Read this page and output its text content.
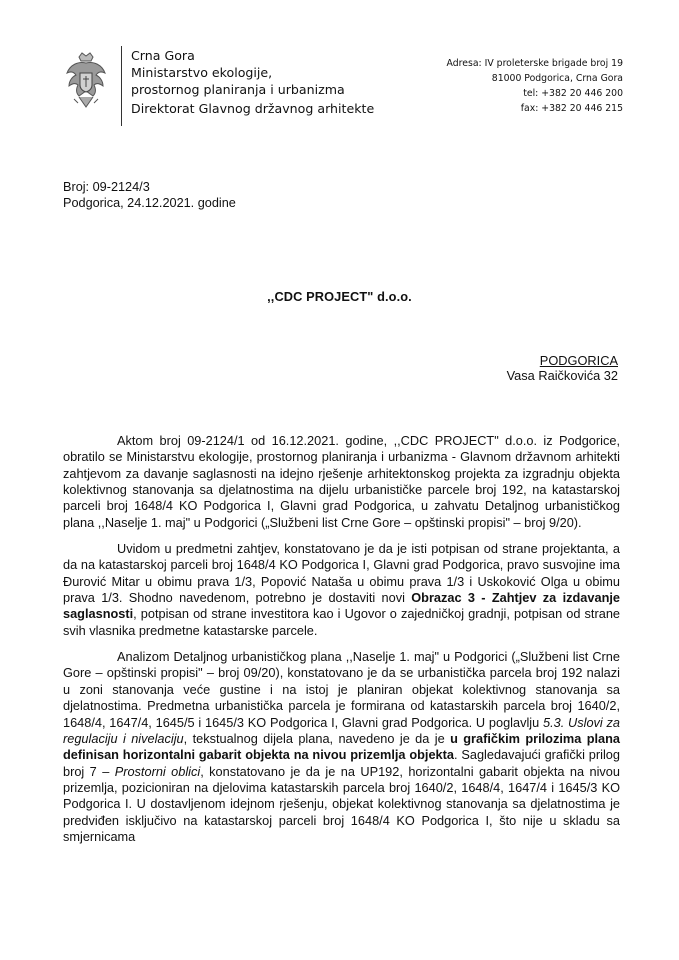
Crna Gora
Ministarstvo ekologije,
prostornog planiranja i urbanizma
Direktorat Glavnog državnog arhitekte
Adresa: IV proleterske brigade broj 19
81000 Podgorica, Crna Gora
tel: +382 20 446 200
fax: +382 20 446 215
Broj: 09-2124/3
Podgorica, 24.12.2021. godine
,,CDC PROJECT" d.o.o.
PODGORICA
Vasa Raičkovića 32

Aktom broj 09-2124/1 od 16.12.2021. godine, ,,CDC PROJECT" d.o.o. iz Podgorice, obratilo se Ministarstvu ekologije, prostornog planiranja i urbanizma - Glavnom državnom arhitekti zahtjevom za davanje saglasnosti na idejno rješenje arhitektonskog projekta za izgradnju objekta kolektivnog stanovanja sa djelatnostima na dijelu urbanističke parcele broj 192, na katastarskoj parceli broj 1648/4 KO Podgorica I, Glavni grad Podgorica, u zahvatu Detaljnog urbanističkog plana ,,Naselje 1. maj" u Podgorici („Službeni list Crne Gore – opštinski propisi" – broj 9/20).

Uvidom u predmetni zahtjev, konstatovano je da je isti potpisan od strane projektanta, a da na katastarskoj parceli broj 1648/4 KO Podgorica I, Glavni grad Podgorica, pravo susvojine ima Đurović Mitar u obimu prava 1/3, Popović Nataša u obimu prava 1/3 i Uskoković Olga u obimu prava 1/3. Shodno navedenom, potrebno je dostaviti novi Obrazac 3 - Zahtjev za izdavanje saglasnosti, potpisan od strane investitora kao i Ugovor o zajedničkoj gradnji, potpisan od strane svih vlasnika predmetne katastarske parcele.

Analizom Detaljnog urbanističkog plana ,,Naselje 1. maj" u Podgorici („Službeni list Crne Gore – opštinski propisi" – broj 09/20), konstatovano je da se urbanistička parcela broj 192 nalazi u zoni stanovanja veće gustine i na istoj je planiran objekat kolektivnog stanovanja sa djelatnostima. Predmetna urbanistička parcela je formirana od katastarskih parcela broj 1640/2, 1648/4, 1647/4, 1645/5 i 1645/3 KO Podgorica I, Glavni grad Podgorica. U poglavlju 5.3. Uslovi za regulaciju i nivelaciju, tekstualnog dijela plana, navedeno je da je u grafičkim prilozima plana definisan horizontalni gabarit objekta na nivou prizemlja objekta. Sagledavajući grafički prilog broj 7 – Prostorni oblici, konstatovano je da je na UP192, horizontalni gabarit objekta na nivou prizemlja, pozicioniran na djelovima katastarskih parcela broj 1640/2, 1648/4, 1647/4 i 1645/3 KO Podgorica I. U dostavljenom idejnom rješenju, objekat kolektivnog stanovanja sa djelatnostima je predviđen isključivo na katastarskoj parceli broj 1648/4 KO Podgorica I, što nije u skladu sa smjernicama
